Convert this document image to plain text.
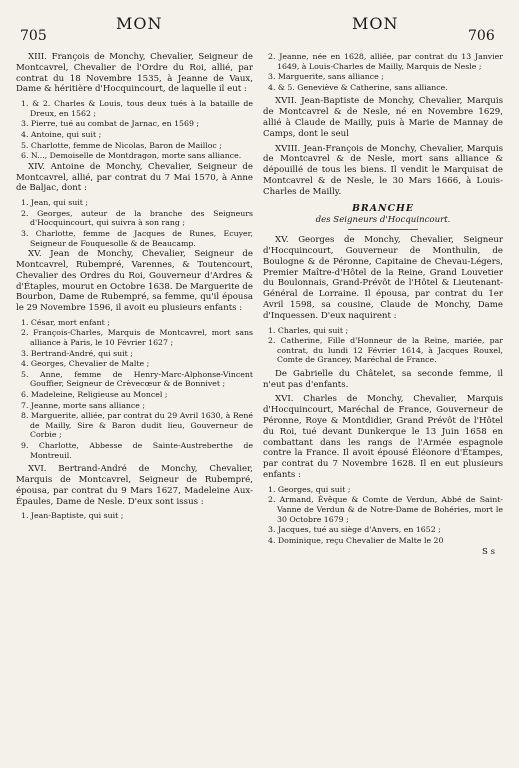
705
MON	MON
706

XIII. François de Monchy, Chevalier, Seigneur de Montcavrel, Chevalier de l'Ordre du Roi, allié, par contrat du 18 Novembre 1535, à Jeanne de Vaux, Dame & héritière d'Hocquincourt, de laquelle il eut :

1. & 2. Charles & Louis, tous deux tués à la bataille de Dreux, en 1562 ;

3. Pierre, tué au combat de Jarnac, en 1569 ;

4. Antoine, qui suit ;

5. Charlotte, femme de Nicolas, Baron de Mailloc ;

6. N..., Demoiselle de Montdragon, morte sans alliance.

XIV. Antoine de Monchy, Chevalier, Seigneur de Montcavrel, allié, par contrat du 7 Mai 1570, à Anne de Baljac, dont :

1. Jean, qui suit ;

2. Georges, auteur de la branche des Seigneurs d'Hocquincourt, qui suivra à son rang ;

3. Charlotte, femme de Jacques de Runes, Ecuyer, Seigneur de Fouquesolle & de Beaucamp.

XV. Jean de Monchy, Chevalier, Seigneur de Montcavrel, Rubempré, Varennes, & Toutencourt, Chevalier des Ordres du Roi, Gouverneur d'Ardres & d'Étaples, mourut en Octobre 1638. De Marguerite de Bourbon, Dame de Rubempré, sa femme, qu'il épousa le 29 Novembre 1596, il avoit eu plusieurs enfants :

1. César, mort enfant ;

2. François-Charles, Marquis de Montcavrel, mort sans alliance à Paris, le 10 Février 1627 ;

3. Bertrand-André, qui suit ;

4. Georges, Chevalier de Malte ;

5. Anne, femme de Henry-Marc-Alphonse-Vincent Gouffier, Seigneur de Crèvecœur & de Bonnivet ;

6. Madeleine, Religieuse au Moncel ;

7. Jeanne, morte sans alliance ;

8. Marguerite, alliée, par contrat du 29 Avril 1630, à René de Mailly, Sire & Baron dudit lieu, Gouverneur de Corbie ;

9. Charlotte, Abbesse de Sainte-Austreberthe de Montreuil.

XVI. Bertrand-André de Monchy, Chevalier, Marquis de Montcavrel, Seigneur de Rubempré, épousa, par contrat du 9 Mars 1627, Madeleine Aux-Épaules, Dame de Nesle. D'eux sont issus :

1. Jean-Baptiste, qui suit ;

2. Jeanne, née en 1628, alliée, par contrat du 13 Janvier 1649, à Louis-Charles de Mailly, Marquis de Nesle ;

3. Marguerite, sans alliance ;

4. & 5. Geneviève & Catherine, sans alliance.

XVII. Jean-Baptiste de Monchy, Chevalier, Marquis de Montcavrel & de Nesle, né en Novembre 1629, allié à Claude de Mailly, puis à Marie de Mannay de Camps, dont le seul

XVIII. Jean-François de Monchy, Chevalier, Marquis de Montcavrel & de Nesle, mort sans alliance & dépouillé de tous les biens. Il vendit le Marquisat de Montcavrel & de Nesle, le 30 Mars 1666, à Louis-Charles de Mailly.

BRANCHE

des Seigneurs d'Hocquincourt.

XV. Georges de Monchy, Chevalier, Seigneur d'Hocquincourt, Gouverneur de Monthulin, de Boulogne & de Péronne, Capitaine de Chevau-Légers, Premier Maître-d'Hôtel de la Reine, Grand Louvetier du Boulonnais, Grand-Prévôt de l'Hôtel & Lieutenant-Général de Lorraine. Il épousa, par contrat du 1er Avril 1598, sa cousine, Claude de Monchy, Dame d'Inquessen. D'eux naquirent :

1. Charles, qui suit ;

2. Catherine, Fille d'Honneur de la Reine, mariée, par contrat, du lundi 12 Février 1614, à Jacques Rouxel, Comte de Grancey, Maréchal de France.

De Gabrielle du Châtelet, sa seconde femme, il n'eut pas d'enfants.

XVI. Charles de Monchy, Chevalier, Marquis d'Hocquincourt, Maréchal de France, Gouverneur de Péronne, Roye & Montdidier, Grand Prévôt de l'Hôtel du Roi, tué devant Dunkerque le 13 Juin 1658 en combattant dans les rangs de l'Armée espagnole contre la France. Il avoit épousé Éléonore d'Étampes, par contrat du 7 Novembre 1628. Il en eut plusieurs enfants :

1. Georges, qui suit ;

2. Armand, Évêque & Comte de Verdun, Abbé de Saint-Vanne de Verdun & de Notre-Dame de Bohéries, mort le 30 Octobre 1679 ;

3. Jacques, tué au siège d'Anvers, en 1652 ;

4. Dominique, reçu Chevalier de Malte le 20

S s
